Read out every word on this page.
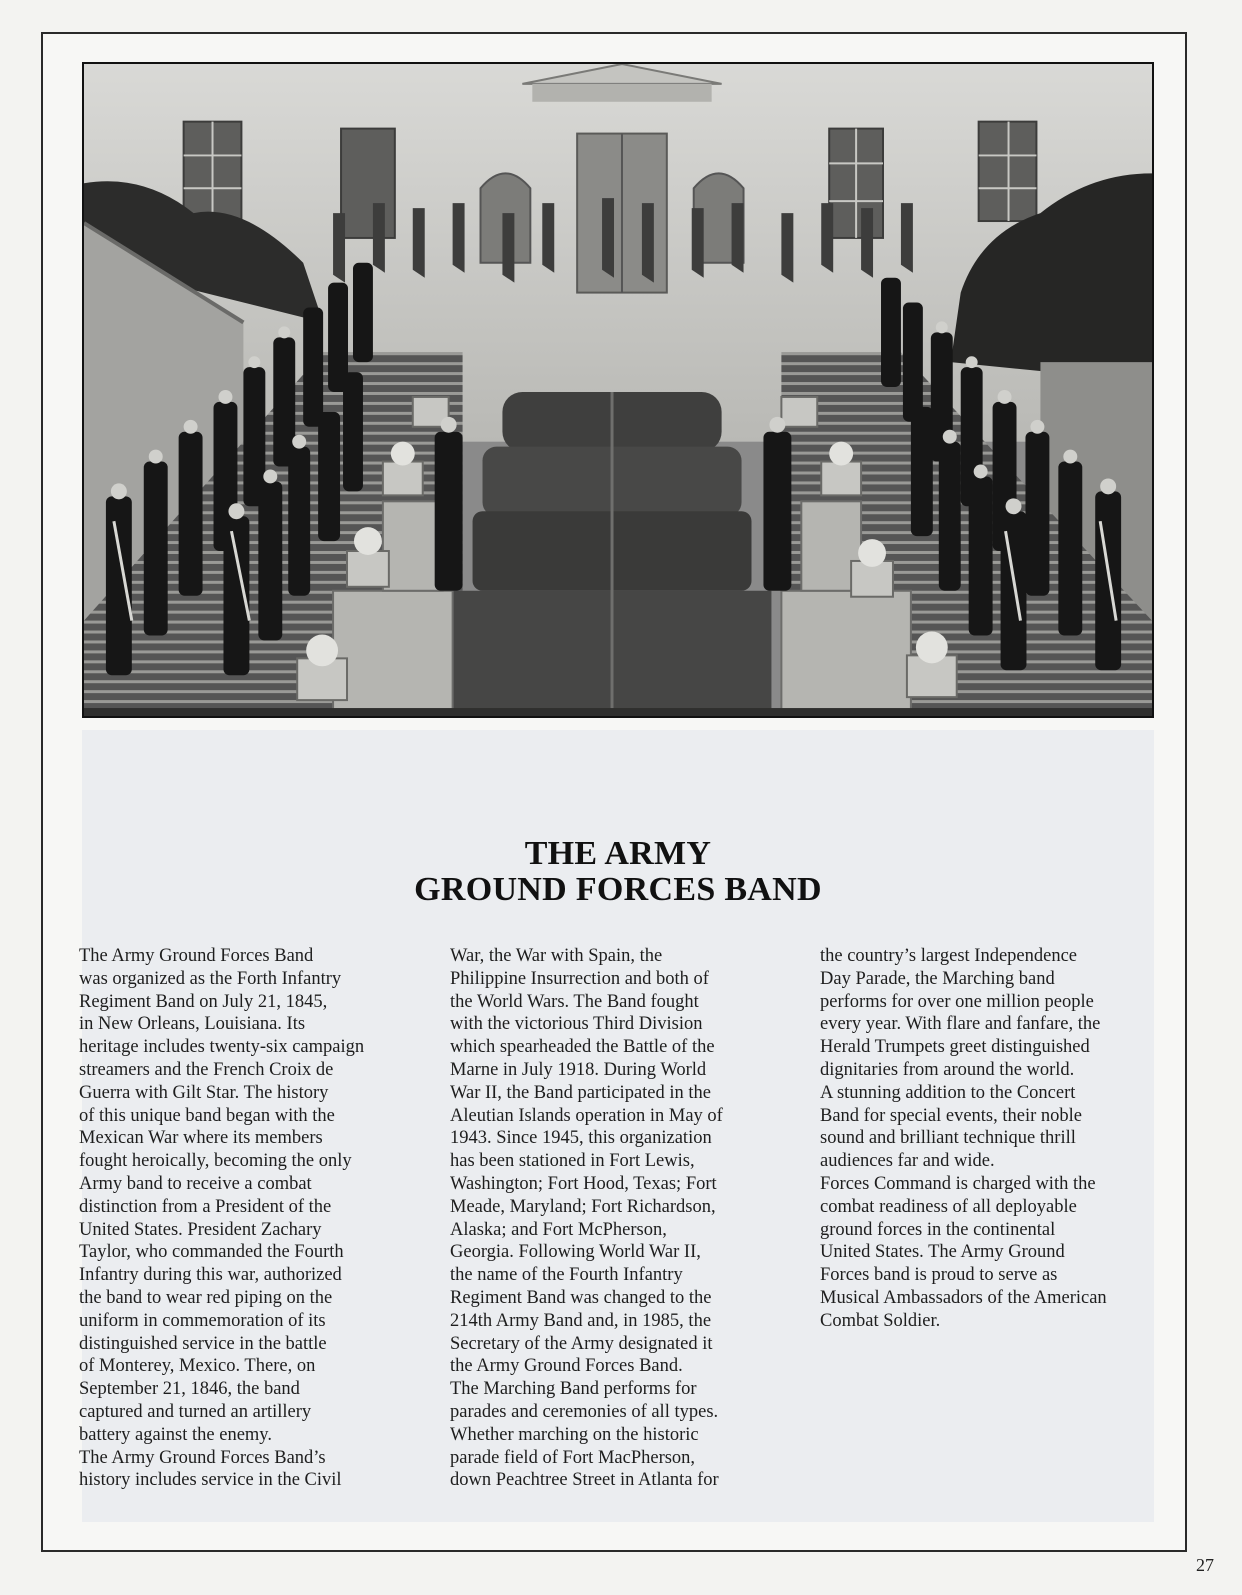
THE ARMY
GROUND FORCES BAND
The Army Ground Forces Band
was organized as the Forth Infantry
Regiment Band on July 21, 1845,
in New Orleans, Louisiana. Its
heritage includes twenty-six campaign
streamers and the French Croix de
Guerra with Gilt Star. The history
of this unique band began with the
Mexican War where its members
fought heroically, becoming the only
Army band to receive a combat
distinction from a President of the
United States. President Zachary
Taylor, who commanded the Fourth
Infantry during this war, authorized
the band to wear red piping on the
uniform in commemoration of its
distinguished service in the battle
of Monterey, Mexico. There, on
September 21, 1846, the band
captured and turned an artillery
battery against the enemy.
The Army Ground Forces Band’s
history includes service in the Civil
War, the War with Spain, the
Philippine Insurrection and both of
the World Wars. The Band fought
with the victorious Third Division
which spearheaded the Battle of the
Marne in July 1918. During World
War II, the Band participated in the
Aleutian Islands operation in May of
1943. Since 1945, this organization
has been stationed in Fort Lewis,
Washington; Fort Hood, Texas; Fort
Meade, Maryland; Fort Richardson,
Alaska; and Fort McPherson,
Georgia. Following World War II,
the name of the Fourth Infantry
Regiment Band was changed to the
214th Army Band and, in 1985, the
Secretary of the Army designated it
the Army Ground Forces Band.
The Marching Band performs for
parades and ceremonies of all types.
Whether marching on the historic
parade field of Fort MacPherson,
down Peachtree Street in Atlanta for
the country’s largest Independence
Day Parade, the Marching band
performs for over one million people
every year. With flare and fanfare, the
Herald Trumpets greet distinguished
dignitaries from around the world.
A stunning addition to the Concert
Band for special events, their noble
sound and brilliant technique thrill
audiences far and wide.
Forces Command is charged with the
combat readiness of all deployable
ground forces in the continental
United States. The Army Ground
Forces band is proud to serve as
Musical Ambassadors of the American
Combat Soldier.
27
